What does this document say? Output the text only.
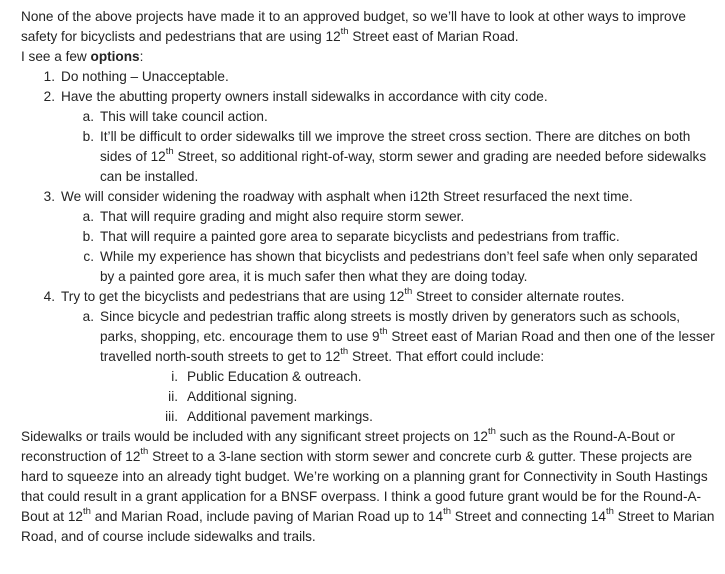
None of the above projects have made it to an approved budget, so we’ll have to look at other ways to improve safety for bicyclists and pedestrians that are using 12th Street east of Marian Road.

I see a few options:

1. Do nothing – Unacceptable.
2. Have the abutting property owners install sidewalks in accordance with city code.
a. This will take council action.
b. It’ll be difficult to order sidewalks till we improve the street cross section. There are ditches on both sides of 12th Street, so additional right-of-way, storm sewer and grading are needed before sidewalks can be installed.
3. We will consider widening the roadway with asphalt when i12th Street resurfaced the next time.
a. That will require grading and might also require storm sewer.
b. That will require a painted gore area to separate bicyclists and pedestrians from traffic.
c. While my experience has shown that bicyclists and pedestrians don’t feel safe when only separated by a painted gore area, it is much safer then what they are doing today.
4. Try to get the bicyclists and pedestrians that are using 12th Street to consider alternate routes.
a. Since bicycle and pedestrian traffic along streets is mostly driven by generators such as schools, parks, shopping, etc. encourage them to use 9th Street east of Marian Road and then one of the lesser travelled north-south streets to get to 12th Street. That effort could include:
i. Public Education & outreach.
ii. Additional signing.
iii. Additional pavement markings.

Sidewalks or trails would be included with any significant street projects on 12th such as the Round-A-Bout or reconstruction of 12th Street to a 3-lane section with storm sewer and concrete curb & gutter. These projects are hard to squeeze into an already tight budget. We’re working on a planning grant for Connectivity in South Hastings that could result in a grant application for a BNSF overpass. I think a good future grant would be for the Round-A-Bout at 12th and Marian Road, include paving of Marian Road up to 14th Street and connecting 14th Street to Marian Road, and of course include sidewalks and trails.
